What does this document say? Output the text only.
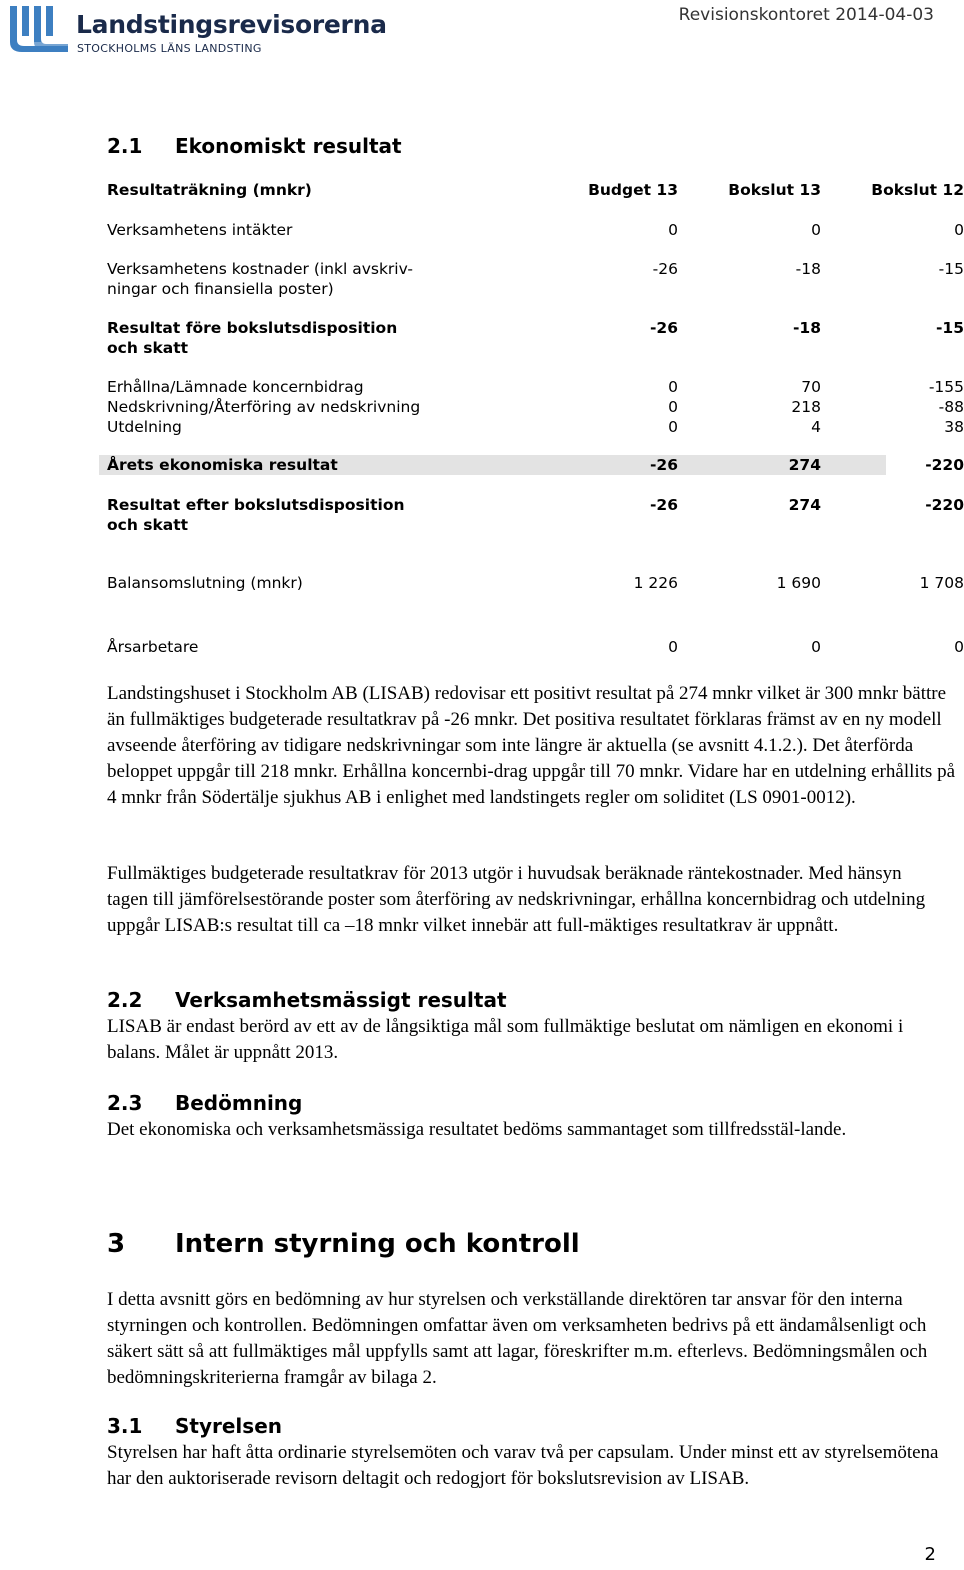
Landstingsrevisorerna
STOCKHOLMS LÄNS LANDSTING
Revisionskontoret 2014-04-03
2.1 Ekonomiskt resultat
Resultaträkning (mnkr)	Budget 13	Bokslut 13	Bokslut 12
Verksamhetens intäkter	0	0	0
Verksamhetens kostnader (inkl avskriv-
ningar och finansiella poster)
-26	-18	-15
Resultat före bokslutsdisposition
och skatt
-26	-18	-15
Erhållna/Lämnade koncernbidrag	0	70	-155
Nedskrivning/Återföring av nedskrivning	0	218	-88
Utdelning	0	4	38
Årets ekonomiska resultat	-26	274	-220
Resultat efter bokslutsdisposition
och skatt
-26	274	-220
Balansomslutning (mnkr)	1 226	1 690	1 708
Årsarbetare	0	0	0
Landstingshuset i Stockholm AB (LISAB) redovisar ett positivt resultat på 274 mnkr vilket är 300 mnkr bättre än fullmäktiges budgeterade resultatkrav på -26 mnkr. Det positiva resultatet förklaras främst av en ny modell avseende återföring av tidigare nedskrivningar som inte längre är aktuella (se avsnitt 4.1.2.). Det återförda beloppet uppgår till 218 mnkr. Erhållna koncernbi-drag uppgår till 70 mnkr. Vidare har en utdelning erhållits på 4 mnkr från Södertälje sjukhus AB i enlighet med landstingets regler om soliditet (LS 0901-0012).
Fullmäktiges budgeterade resultatkrav för 2013 utgör i huvudsak beräknade räntekostnader. Med hänsyn tagen till jämförelsestörande poster som återföring av nedskrivningar, erhållna koncernbidrag och utdelning uppgår LISAB:s resultat till ca –18 mnkr vilket innebär att full-mäktiges resultatkrav är uppnått.
2.2 Verksamhetsmässigt resultat
LISAB är endast berörd av ett av de långsiktiga mål som fullmäktige beslutat om nämligen en ekonomi i balans. Målet är uppnått 2013.
2.3 Bedömning
Det ekonomiska och verksamhetsmässiga resultatet bedöms sammantaget som tillfredsstäl-lande.
3 Intern styrning och kontroll
I detta avsnitt görs en bedömning av hur styrelsen och verkställande direktören tar ansvar för den interna styrningen och kontrollen. Bedömningen omfattar även om verksamheten bedrivs på ett ändamålsenligt och säkert sätt så att fullmäktiges mål uppfylls samt att lagar, föreskrifter m.m. efterlevs. Bedömningsmålen och bedömningskriterierna framgår av bilaga 2.
3.1 Styrelsen
Styrelsen har haft åtta ordinarie styrelsemöten och varav två per capsulam. Under minst ett av styrelsemötena har den auktoriserade revisorn deltagit och redogjort för bokslutsrevision av LISAB.
2
